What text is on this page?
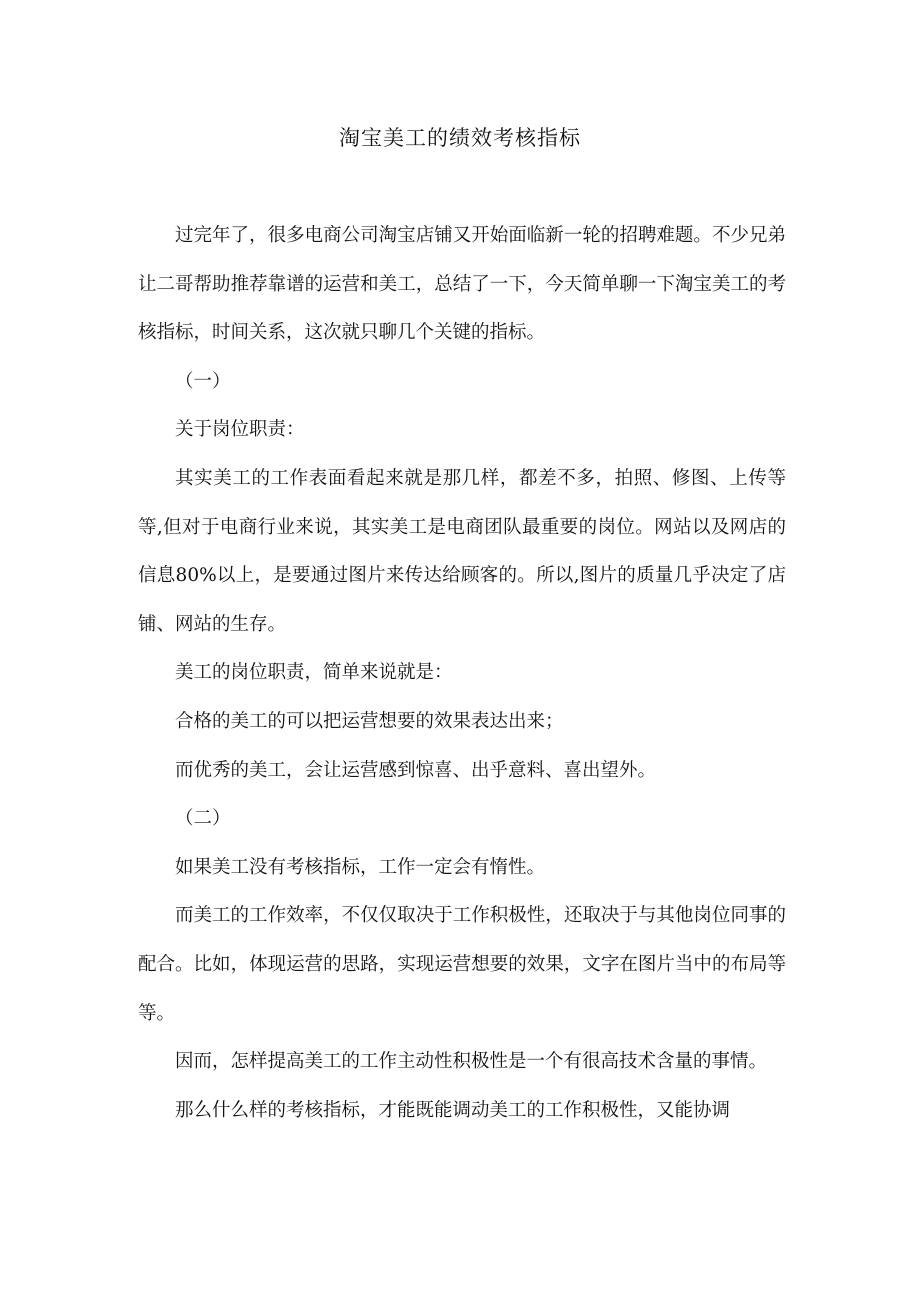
淘宝美工的绩效考核指标

过完年了，很多电商公司淘宝店铺又开始面临新一轮的招聘难题。不少兄弟让二哥帮助推荐靠谱的运营和美工，总结了一下，今天简单聊一下淘宝美工的考核指标，时间关系，这次就只聊几个关键的指标。

（一）

关于岗位职责：

其实美工的工作表面看起来就是那几样，都差不多，拍照、修图、上传等等,但对于电商行业来说，其实美工是电商团队最重要的岗位。网站以及网店的信息80%以上，是要通过图片来传达给顾客的。所以,图片的质量几乎决定了店铺、网站的生存。

美工的岗位职责，简单来说就是：

合格的美工的可以把运营想要的效果表达出来；

而优秀的美工，会让运营感到惊喜、出乎意料、喜出望外。

（二）

如果美工没有考核指标，工作一定会有惰性。

而美工的工作效率，不仅仅取决于工作积极性，还取决于与其他岗位同事的配合。比如，体现运营的思路，实现运营想要的效果，文字在图片当中的布局等等。

因而，怎样提高美工的工作主动性积极性是一个有很高技术含量的事情。

那么什么样的考核指标，才能既能调动美工的工作积极性，又能协调
